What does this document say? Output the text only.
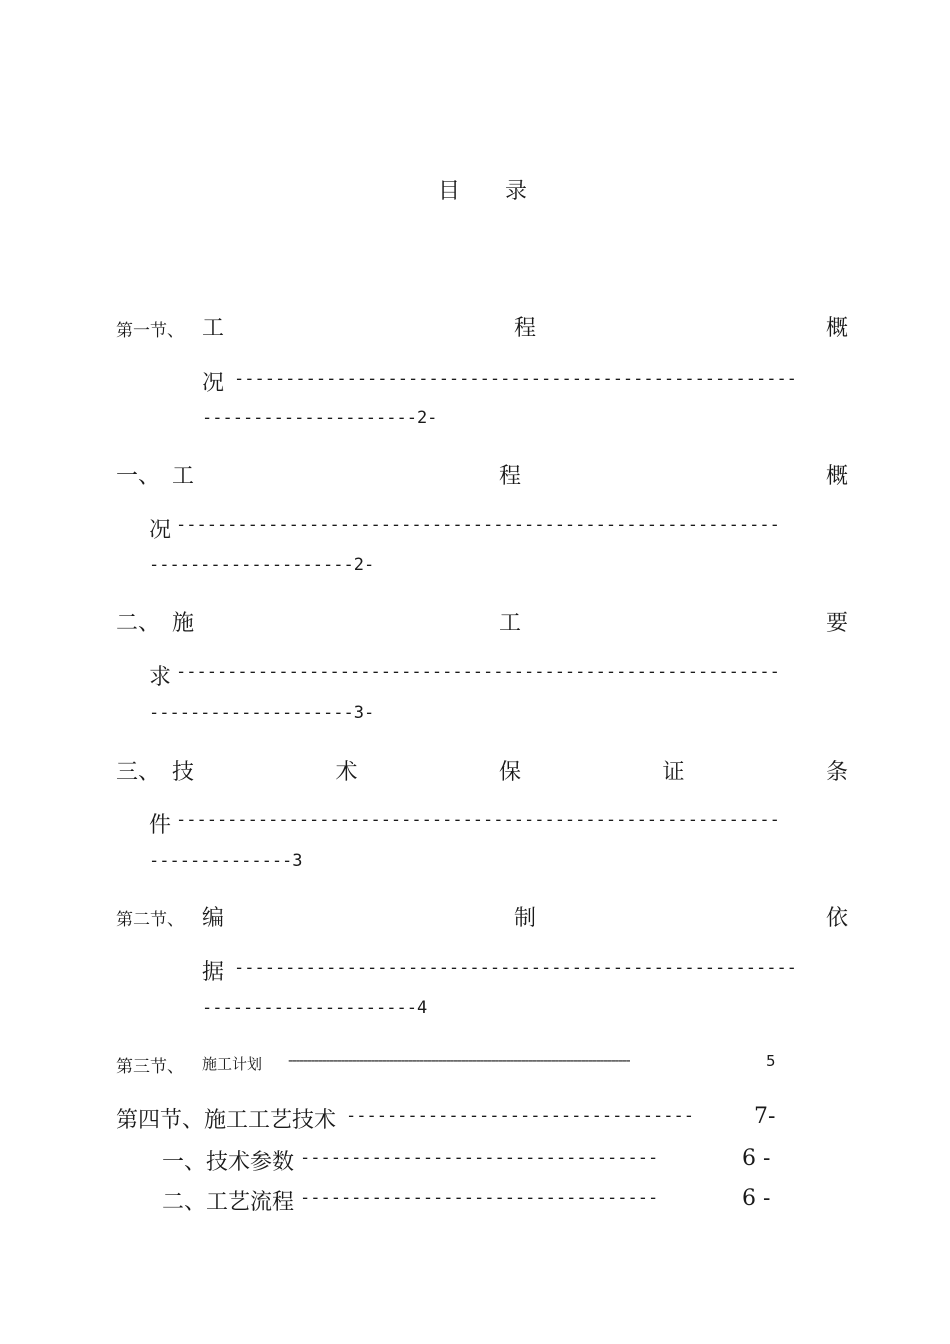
目 录
第一节、 工	程	概
况 -------------------------------------------------------
---------------------2-
一、 工	程	概
况 -----------------------------------------------------------
--------------------2-
二、 施	工	要
求 -----------------------------------------------------------
--------------------3-
三、 技	术	保	证	条
件 -----------------------------------------------------------
--------------3
第二节、 编	制	依
据 -------------------------------------------------------
---------------------4
第三节、 施工计划 -------------------------------------------------------------------------------------------	5
第四节、施工工艺技术 ----------------------------------	7-
一、技术参数 -----------------------------------	6 -
二、工艺流程 -----------------------------------	6 -
